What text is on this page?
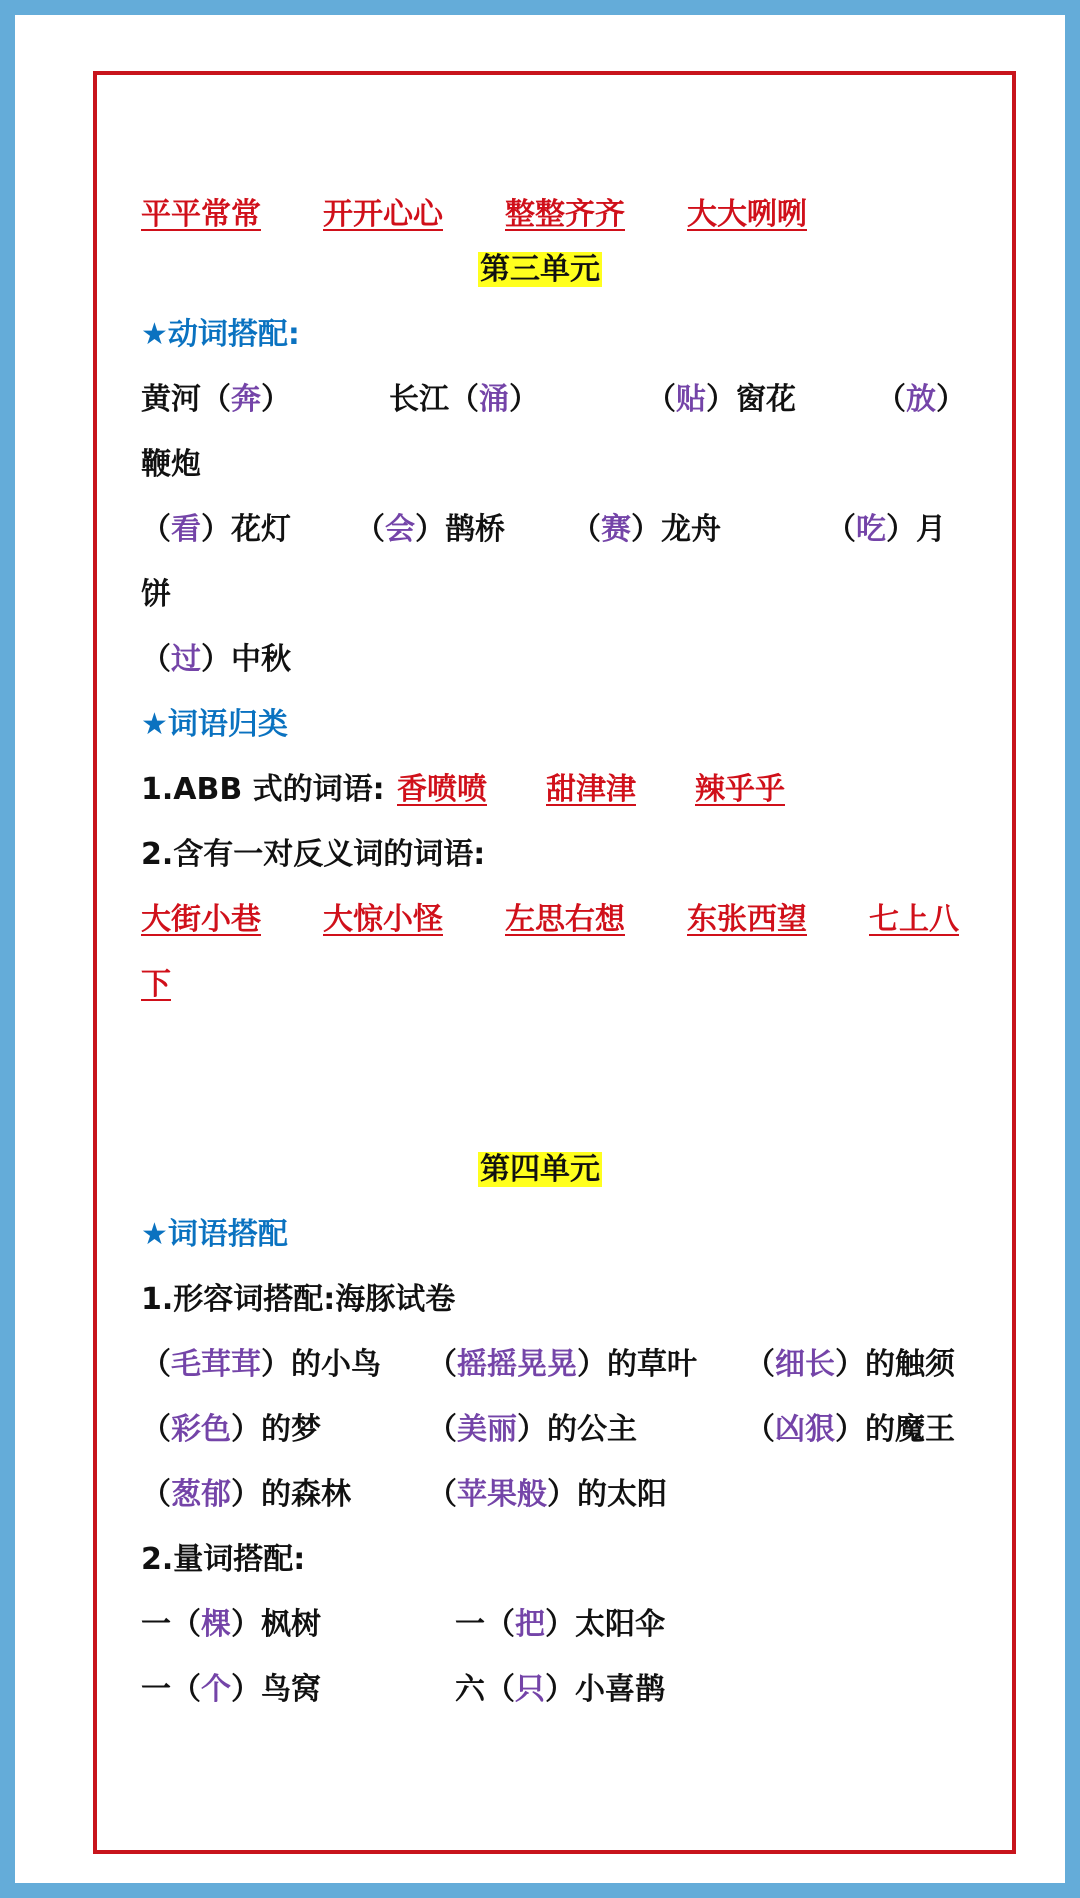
平平常常 开开心心 整整齐齐 大大咧咧
第三单元
★动词搭配:
黄河（奔）	长江（涌）	（贴）窗花	（放）
鞭炮
（看）花灯 （会）鹊桥 （赛）龙舟	（吃）月
饼
（过）中秋
★词语归类
1.ABB 式的词语: 香喷喷 甜津津 辣乎乎
2.含有一对反义词的词语:
大街小巷 大惊小怪 左思右想 东张西望 七上八
下
第四单元
★词语搭配
1.形容词搭配:海豚试卷
（毛茸茸）的小鸟 （摇摇晃晃）的草叶 （细长）的触须
（彩色）的梦	（美丽）的公主	（凶狠）的魔王
（葱郁）的森林	（苹果般）的太阳
2.量词搭配:
一（棵）枫树	一（把）太阳伞
一（个）鸟窝	六（只）小喜鹊
